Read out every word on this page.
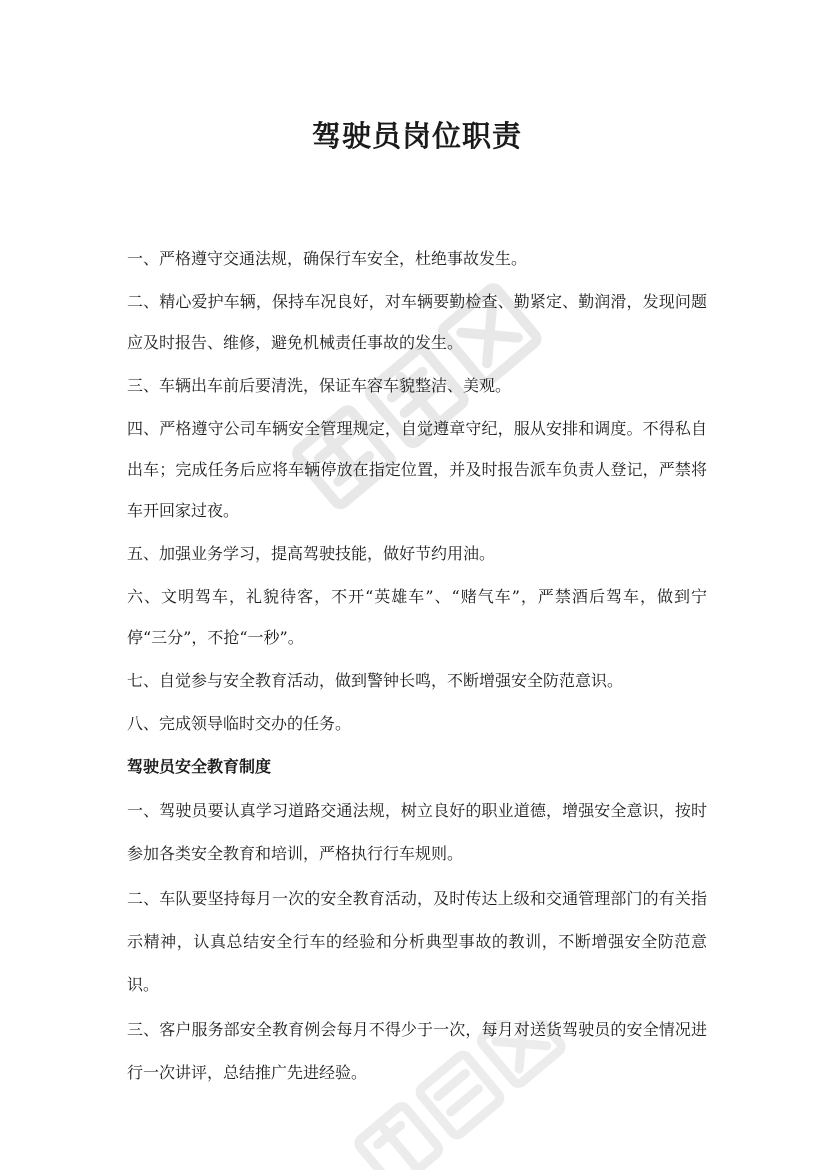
驾驶员岗位职责

一、严格遵守交通法规，确保行车安全，杜绝事故发生。

二、精心爱护车辆，保持车况良好，对车辆要勤检查、勤紧定、勤润滑，发现问题应及时报告、维修，避免机械责任事故的发生。

三、车辆出车前后要清洗，保证车容车貌整洁、美观。

四、严格遵守公司车辆安全管理规定，自觉遵章守纪，服从安排和调度。不得私自出车；完成任务后应将车辆停放在指定位置，并及时报告派车负责人登记，严禁将车开回家过夜。

五、加强业务学习，提高驾驶技能，做好节约用油。

六、文明驾车，礼貌待客，不开“英雄车”、“赌气车”，严禁酒后驾车，做到宁停“三分”，不抢“一秒”。

七、自觉参与安全教育活动，做到警钟长鸣，不断增强安全防范意识。

八、完成领导临时交办的任务。

驾驶员安全教育制度

一、驾驶员要认真学习道路交通法规，树立良好的职业道德，增强安全意识，按时参加各类安全教育和培训，严格执行行车规则。

二、车队要坚持每月一次的安全教育活动，及时传达上级和交通管理部门的有关指示精神，认真总结安全行车的经验和分析典型事故的教训，不断增强安全防范意识。

三、客户服务部安全教育例会每月不得少于一次，每月对送货驾驶员的安全情况进行一次讲评，总结推广先进经验。
